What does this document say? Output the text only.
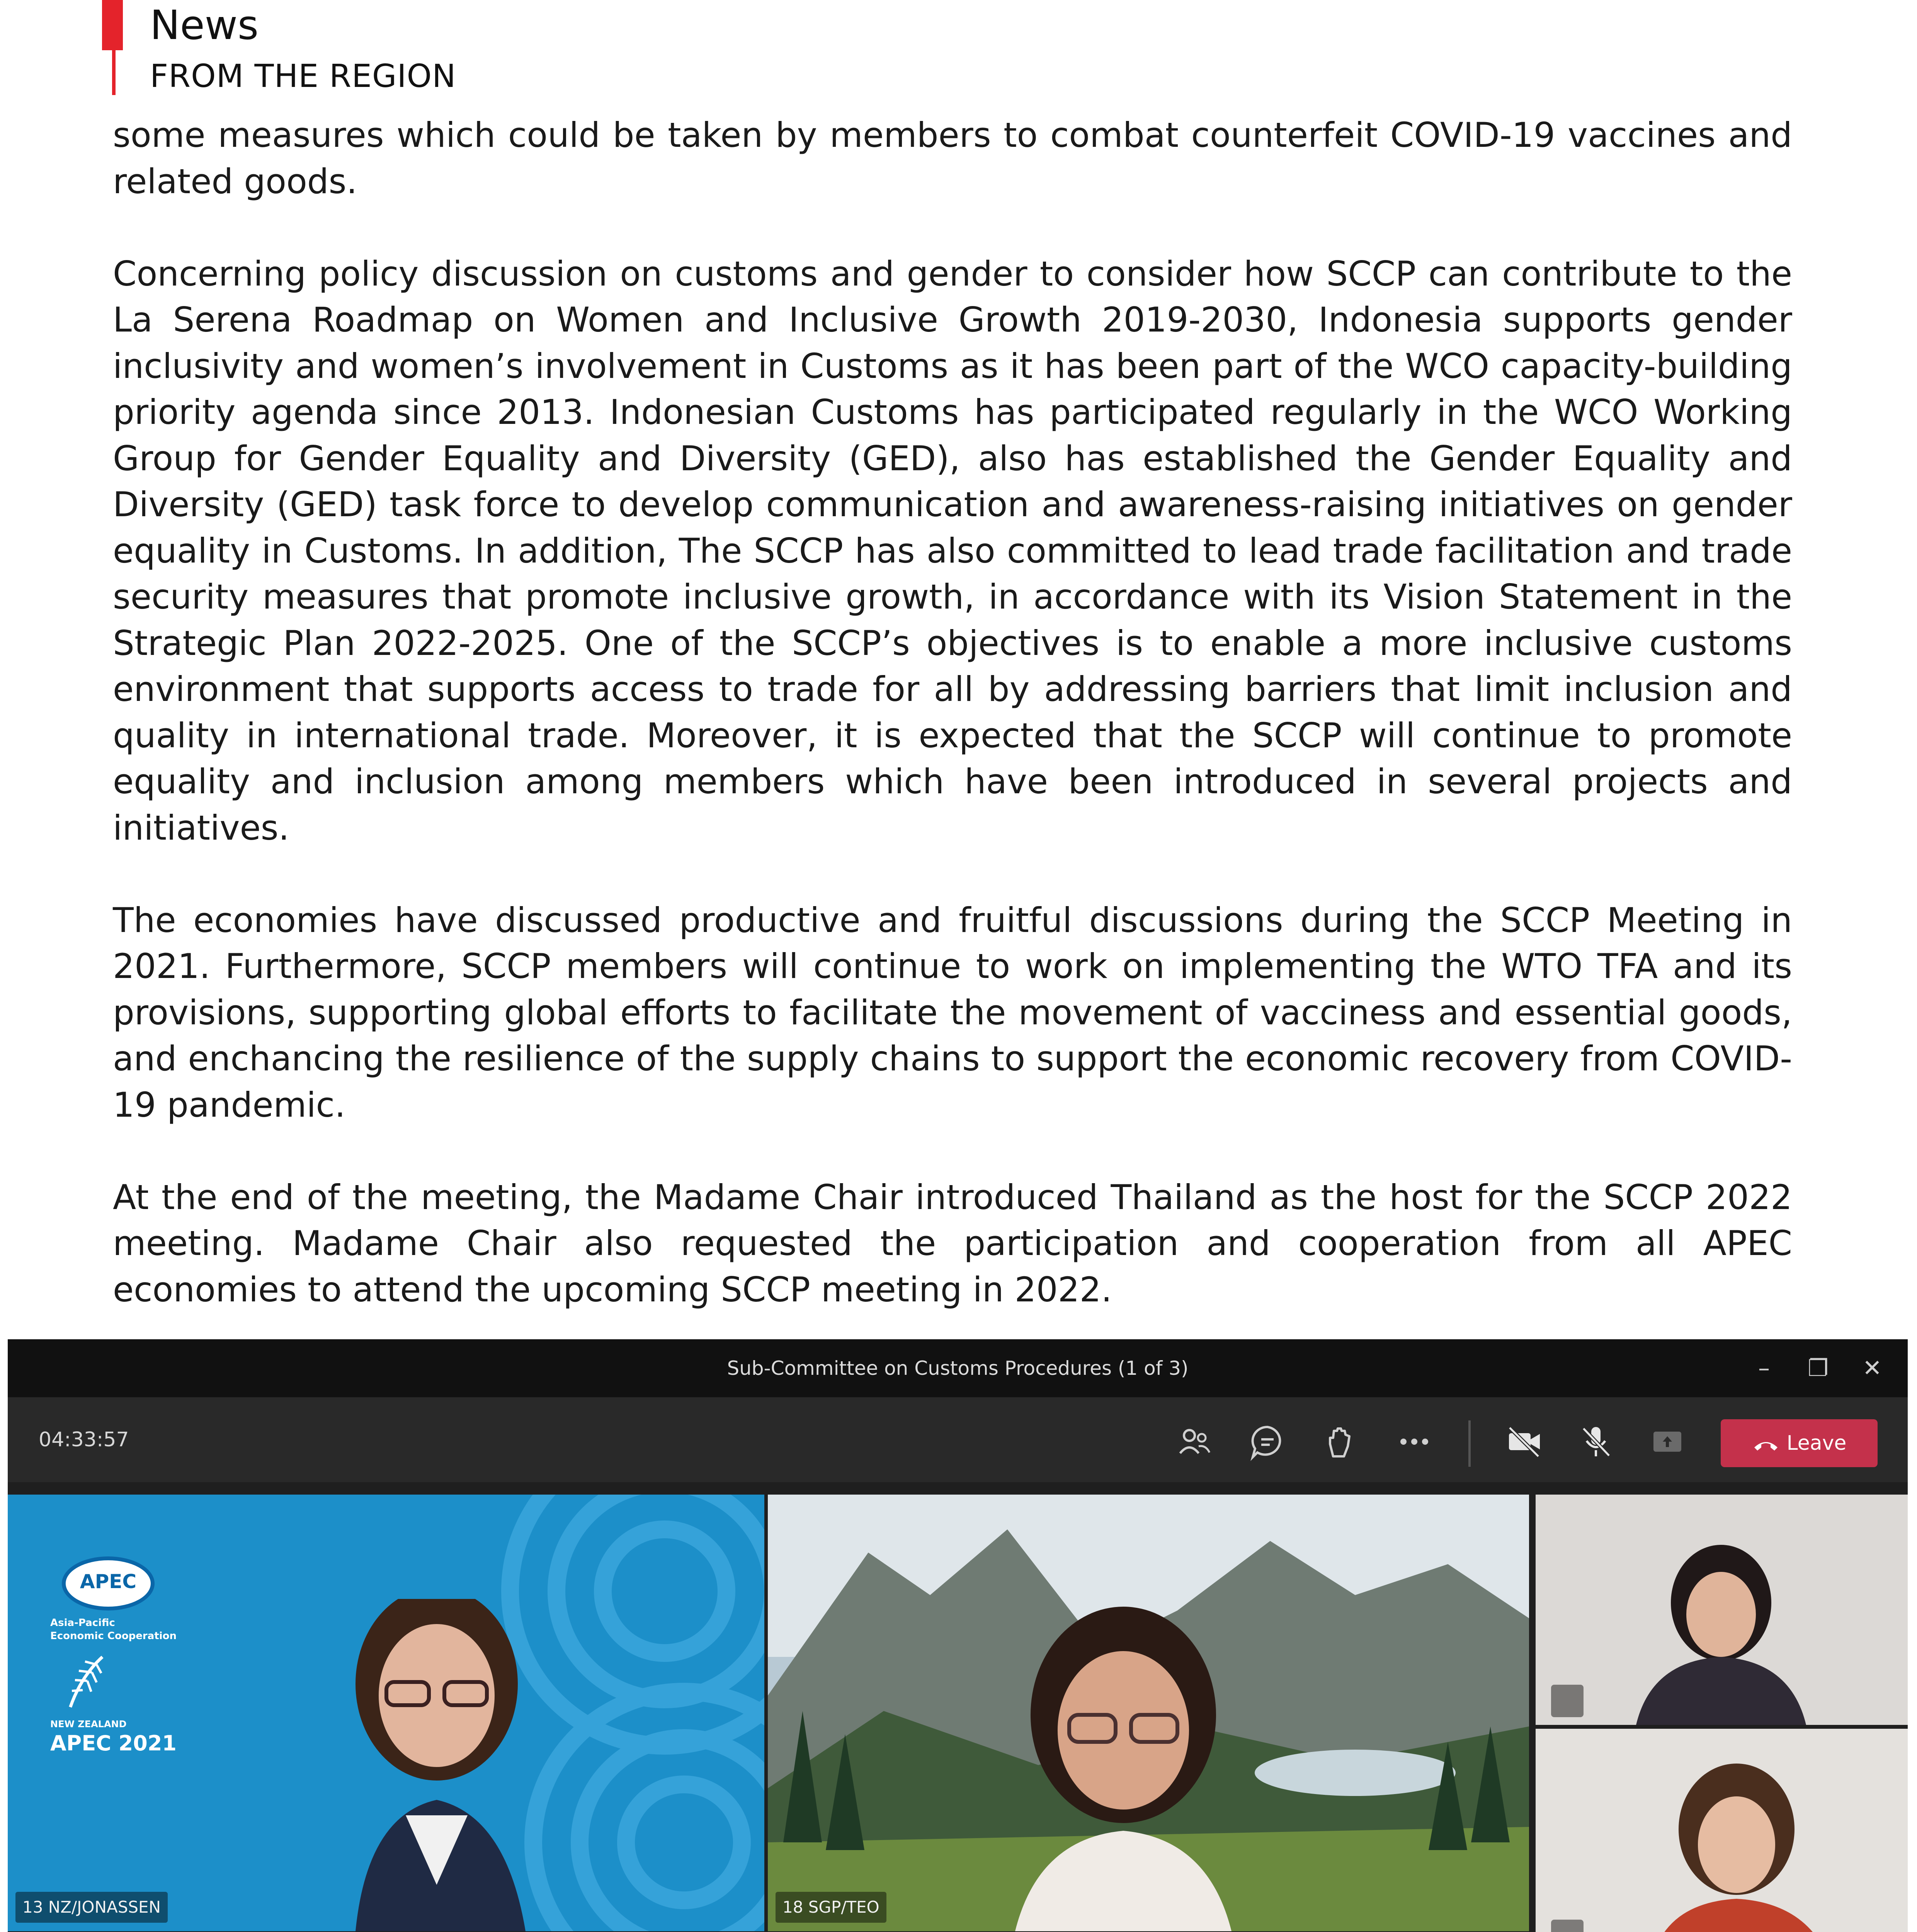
News
FROM THE REGION

some measures which could be taken by members to combat counterfeit COVID-19 vaccines and related goods.

Concerning policy discussion on customs and gender to consider how SCCP can contribute to the La Serena Roadmap on Women and Inclusive Growth 2019-2030, Indonesia supports gender inclusivity and women’s involvement in Customs as it has been part of the WCO capacity-building priority agenda since 2013. Indonesian Customs has participated regularly in the WCO Working Group for Gender Equality and Diversity (GED), also has established the Gender Equality and Diversity (GED) task force to develop communication and awareness-raising initiatives on gender equality in Customs. In addition, The SCCP has also committed to lead trade facilitation and trade security measures that promote inclusive growth, in accordance with its Vision Statement in the Strategic Plan 2022-2025. One of the SCCP’s objectives is to enable a more inclusive customs environment that supports access to trade for all by addressing barriers that limit inclusion and quality in international trade. Moreover, it is expected that the SCCP will continue to promote equality and inclusion among members which have been introduced in several projects and initiatives.

The economies have discussed productive and fruitful discussions during the SCCP Meeting in 2021. Furthermore, SCCP members will continue to work on implementing the WTO TFA and its provisions, supporting global efforts to facilitate the movement of vacciness and essential goods, and enchancing the resilience of the supply chains to support the economic recovery from COVID-19 pandemic.

At the end of the meeting, the Madame Chair introduced Thailand as the host for the SCCP 2022 meeting. Madame Chair also requested the participation and cooperation from all APEC economies to attend the upcoming SCCP meeting in 2022.

Sub-Committee on Customs Procedures (1 of 3)	–	❐	✕
04:33:57	Leave
APEC
Asia-Pacific
Economic Cooperation
NEW ZEALAND
APEC 2021
13 NZ/JONASSEN	18 SGP/TEO
